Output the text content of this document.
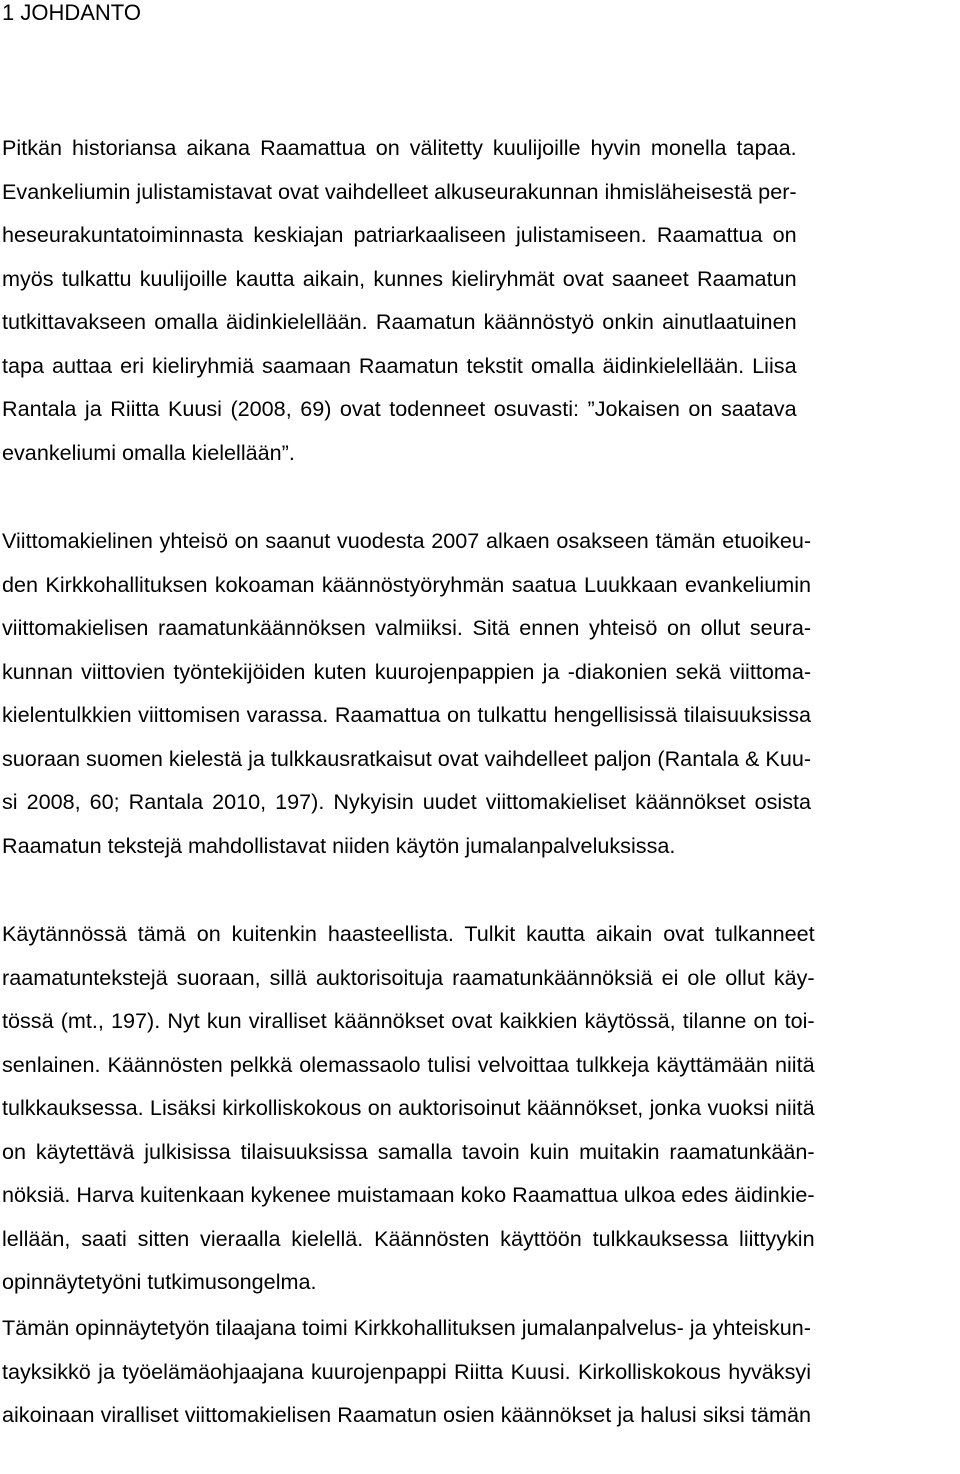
1 JOHDANTO
Pitkän historiansa aikana Raamattua on välitetty kuulijoille hyvin monella tapaa.
Evankeliumin julistamistavat ovat vaihdelleet alkuseurakunnan ihmisläheisestä per-
heseurakuntatoiminnasta keskiajan patriarkaaliseen julistamiseen. Raamattua on
myös tulkattu kuulijoille kautta aikain, kunnes kieliryhmät ovat saaneet Raamatun
tutkittavakseen omalla äidinkielellään. Raamatun käännöstyö onkin ainutlaatuinen
tapa auttaa eri kieliryhmiä saamaan Raamatun tekstit omalla äidinkielellään. Liisa
Rantala ja Riitta Kuusi (2008, 69) ovat todenneet osuvasti: ”Jokaisen on saatava
evankeliumi omalla kielellään”.
Viittomakielinen yhteisö on saanut vuodesta 2007 alkaen osakseen tämän etuoikeu-
den Kirkkohallituksen kokoaman käännöstyöryhmän saatua Luukkaan evankeliumin
viittomakielisen raamatunkäännöksen valmiiksi. Sitä ennen yhteisö on ollut seura-
kunnan viittovien työntekijöiden kuten kuurojenpappien ja -diakonien sekä viittoma-
kielentulkkien viittomisen varassa. Raamattua on tulkattu hengellisissä tilaisuuksissa
suoraan suomen kielestä ja tulkkausratkaisut ovat vaihdelleet paljon (Rantala & Kuu-
si 2008, 60; Rantala 2010, 197). Nykyisin uudet viittomakieliset käännökset osista
Raamatun tekstejä mahdollistavat niiden käytön jumalanpalveluksissa.
Käytännössä tämä on kuitenkin haasteellista. Tulkit kautta aikain ovat tulkanneet
raamatuntekstejä suoraan, sillä auktorisoituja raamatunkäännöksiä ei ole ollut käy-
tössä (mt., 197). Nyt kun viralliset käännökset ovat kaikkien käytössä, tilanne on toi-
senlainen. Käännösten pelkkä olemassaolo tulisi velvoittaa tulkkeja käyttämään niitä
tulkkauksessa. Lisäksi kirkolliskokous on auktorisoinut käännökset, jonka vuoksi niitä
on käytettävä julkisissa tilaisuuksissa samalla tavoin kuin muitakin raamatunkään-
nöksiä. Harva kuitenkaan kykenee muistamaan koko Raamattua ulkoa edes äidinkie-
lellään, saati sitten vieraalla kielellä. Käännösten käyttöön tulkkauksessa liittyykin
opinnäytetyöni tutkimusongelma.
Tämän opinnäytetyön tilaajana toimi Kirkkohallituksen jumalanpalvelus- ja yhteiskun-
tayksikkö ja työelämäohjaajana kuurojenpappi Riitta Kuusi. Kirkolliskokous hyväksyi
aikoinaan viralliset viittomakielisen Raamatun osien käännökset ja halusi siksi tämän
